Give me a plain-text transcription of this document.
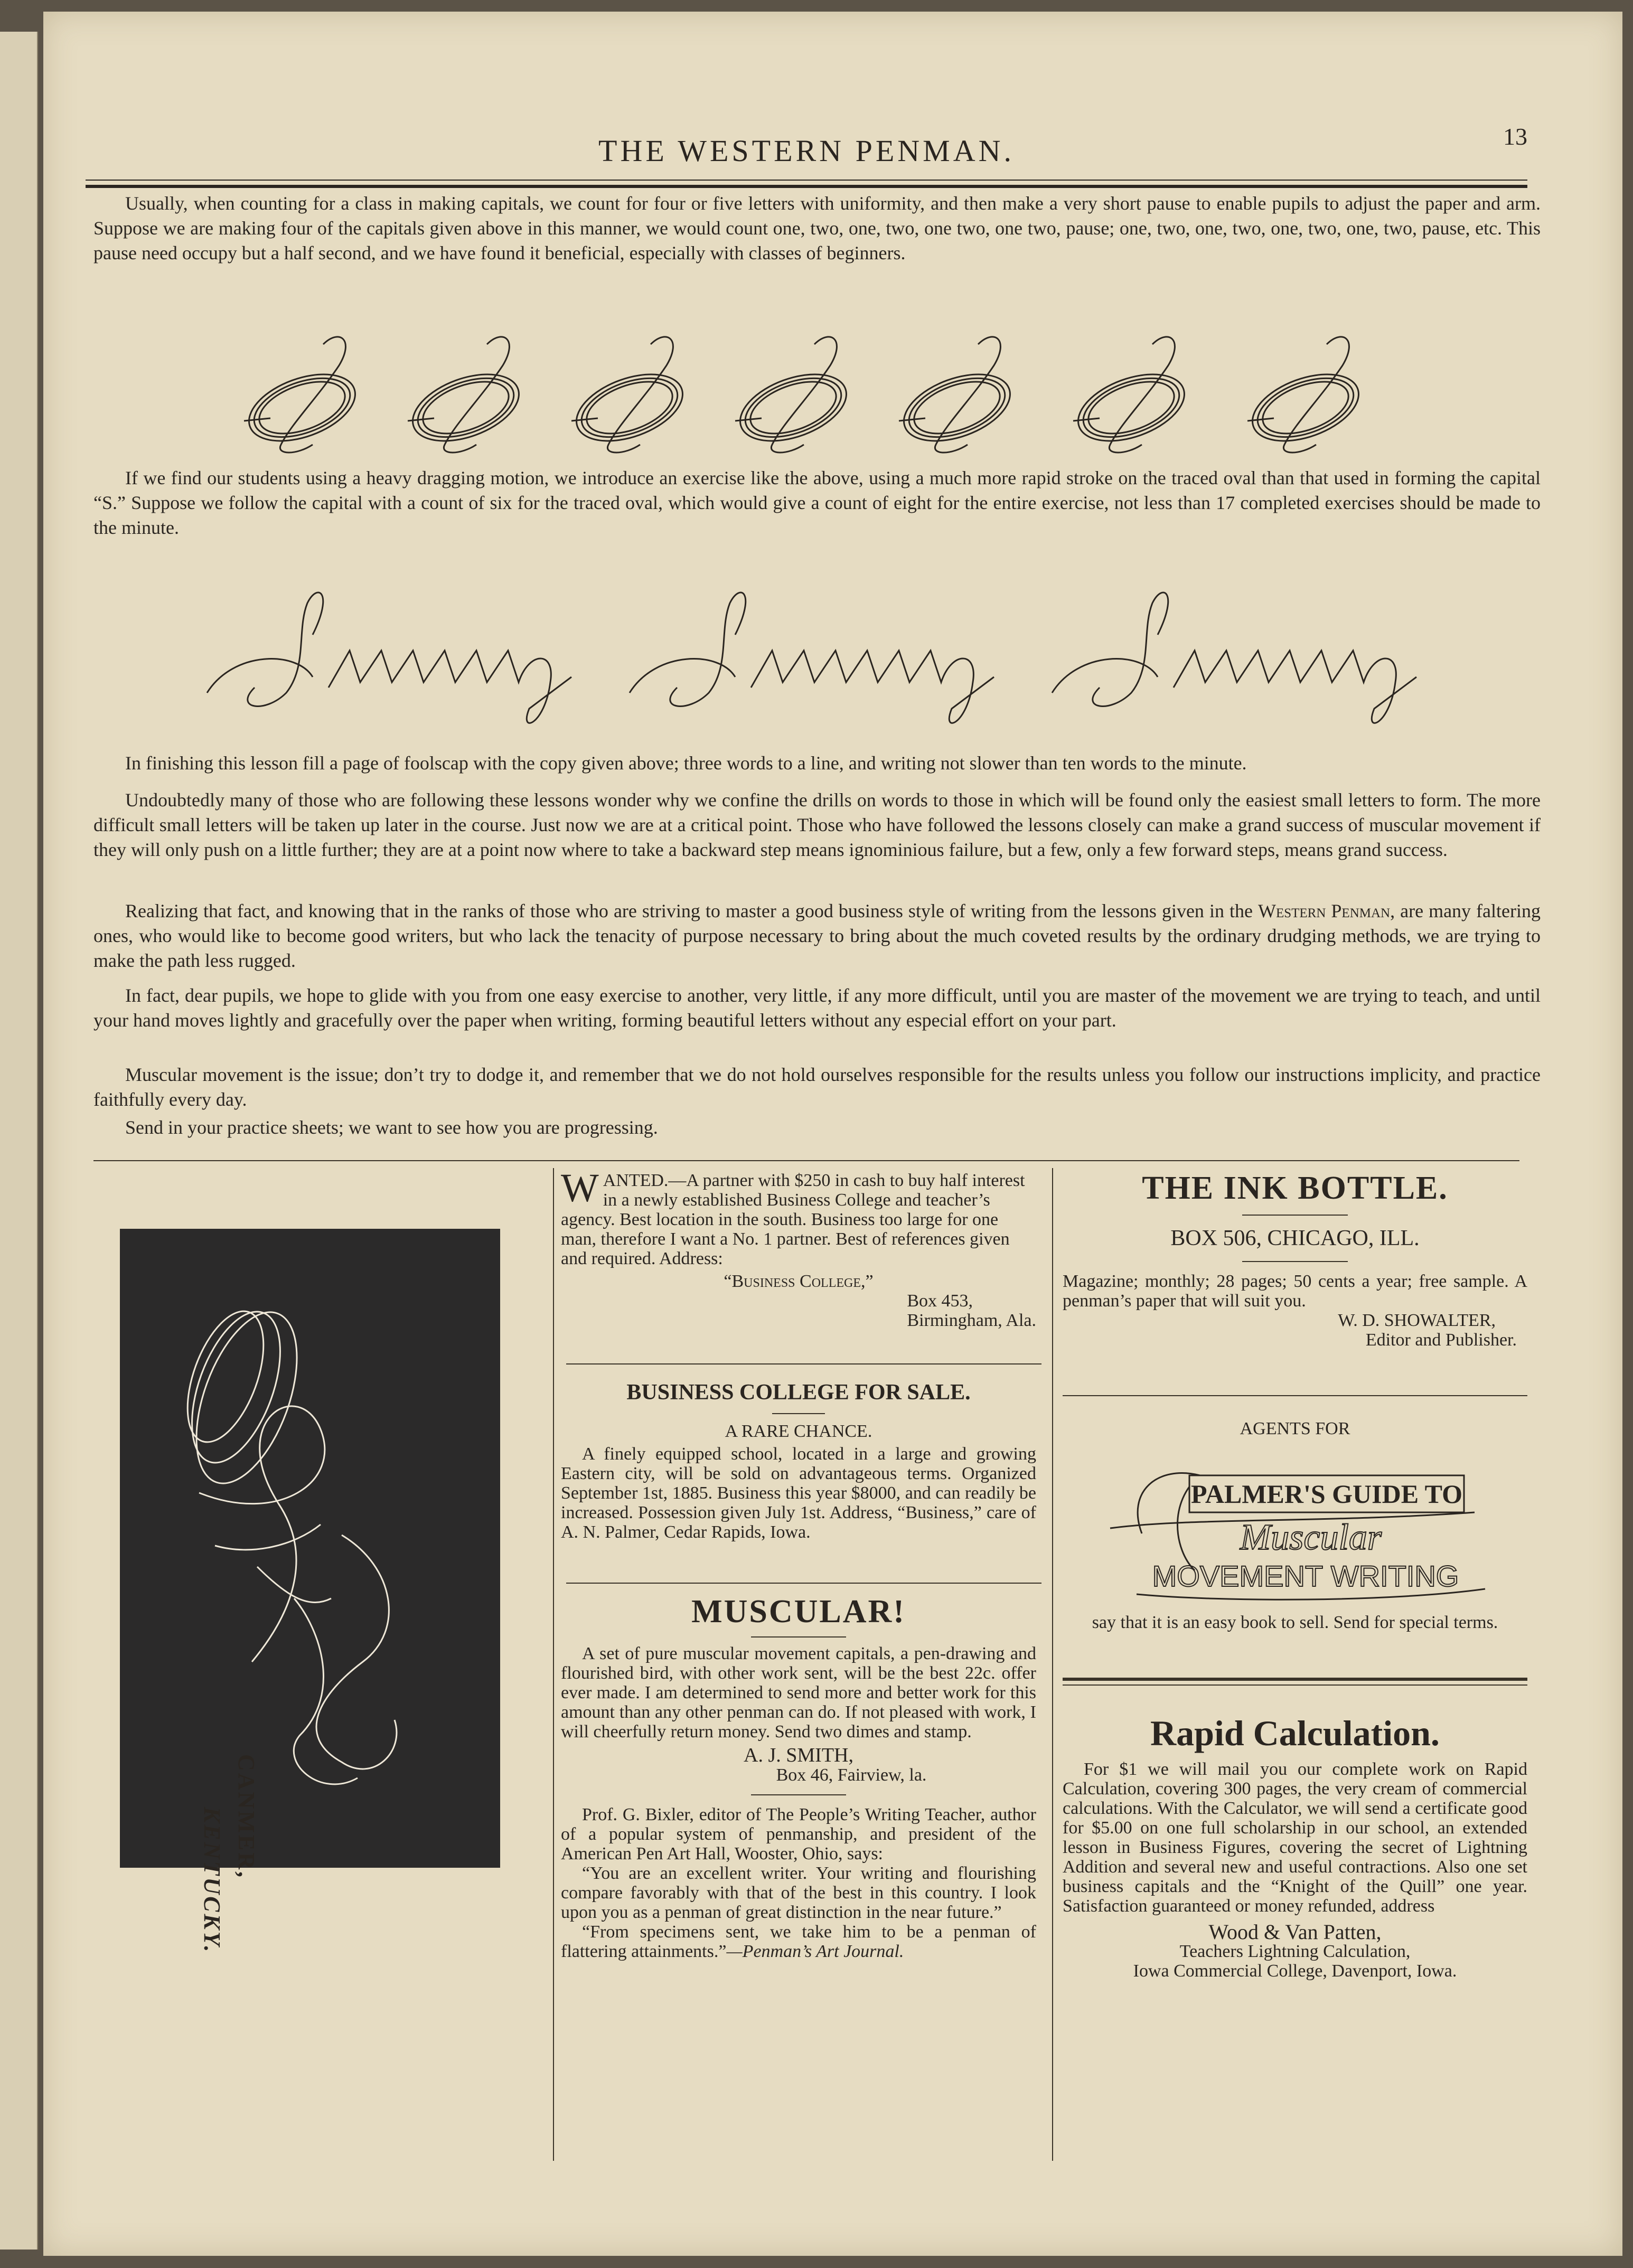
THE WESTERN PENMAN.	13

Usually, when counting for a class in making capitals, we count for four or five letters with uniformity, and then make a very short pause to enable pupils to adjust the paper and arm. Suppose we are making four of the capitals given above in this manner, we would count one, two, one, two, one two, one two, pause; one, two, one, two, one, two, one, two, pause, etc. This pause need occupy but a half second, and we have found it beneficial, especially with classes of beginners.

If we find our students using a heavy dragging motion, we introduce an exercise like the above, using a much more rapid stroke on the traced oval than that used in forming the capital “S.” Suppose we follow the capital with a count of six for the traced oval, which would give a count of eight for the entire exercise, not less than 17 completed exercises should be made to the minute.

Sunning

In finishing this lesson fill a page of foolscap with the copy given above; three words to a line, and writing not slower than ten words to the minute.

Undoubtedly many of those who are following these lessons wonder why we confine the drills on words to those in which will be found only the easiest small letters to form. The more difficult small letters will be taken up later in the course. Just now we are at a critical point. Those who have followed the lessons closely can make a grand success of muscular movement if they will only push on a little further; they are at a point now where to take a backward step means ignominious failure, but a few, only a few forward steps, means grand success.

Realizing that fact, and knowing that in the ranks of those who are striving to master a good business style of writing from the lessons given in the Western Penman, are many faltering ones, who would like to become good writers, but who lack the tenacity of purpose necessary to bring about the much coveted results by the ordinary drudging methods, we are trying to make the path less rugged.

In fact, dear pupils, we hope to glide with you from one easy exercise to another, very little, if any more difficult, until you are master of the movement we are trying to teach, and until your hand moves lightly and gracefully over the paper when writing, forming beautiful letters without any especial effort on your part.

Muscular movement is the issue; don’t try to dodge it, and remember that we do not hold ourselves responsible for the results unless you follow our instructions implicity, and practice faithfully every day.

Send in your practice sheets; we want to see how you are progressing.

CANMER,
KENTUCKY.
W ANTED.—A partner with $250 in cash to buy half interest in a newly established Business College and teacher’s agency. Best location in the south. Business too large for one man, therefore I want a No. 1 partner. Best of references given and required. Address:
“Business College,”
Box 453,
Birmingham, Ala.
BUSINESS COLLEGE FOR SALE.
A RARE CHANCE.
A finely equipped school, located in a large and growing Eastern city, will be sold on advantageous terms. Organized September 1st, 1885. Business this year $8000, and can readily be increased. Possession given July 1st. Address, “Business,” care of A. N. Palmer, Cedar Rapids, Iowa.
MUSCULAR!
A set of pure muscular movement capitals, a pen-drawing and flourished bird, with other work sent, will be the best 22c. offer ever made. I am determined to send more and better work for this amount than any other penman can do. If not pleased with work, I will cheerfully return money. Send two dimes and stamp.
A. J. SMITH,
Box 46, Fairview, la.
Prof. G. Bixler, editor of The People’s Writing Teacher, author of a popular system of penmanship, and president of the American Pen Art Hall, Wooster, Ohio, says:
“You are an excellent writer. Your writing and flourishing compare favorably with that of the best in this country. I look upon you as a penman of great distinction in the near future.”
“From specimens sent, we take him to be a penman of flattering attainments.”—Penman’s Art Journal.
THE INK BOTTLE.
BOX 506, CHICAGO, ILL.
Magazine; monthly; 28 pages; 50 cents a year; free sample. A penman’s paper that will suit you.
W. D. SHOWALTER,
Editor and Publisher.
AGENTS FOR
PALMER'S GUIDE TO
Muscular
MOVEMENT WRITING
say that it is an easy book to sell. Send for special terms.
Rapid Calculation.
For $1 we will mail you our complete work on Rapid Calculation, covering 300 pages, the very cream of commercial calculations. With the Calculator, we will send a certificate good for $5.00 on one full scholarship in our school, an extended lesson in Business Figures, covering the secret of Lightning Addition and several new and useful contractions. Also one set business capitals and the “Knight of the Quill” one year. Satisfaction guaranteed or money refunded, address
Wood & Van Patten,
Teachers Lightning Calculation,
Iowa Commercial College, Davenport, Iowa.
